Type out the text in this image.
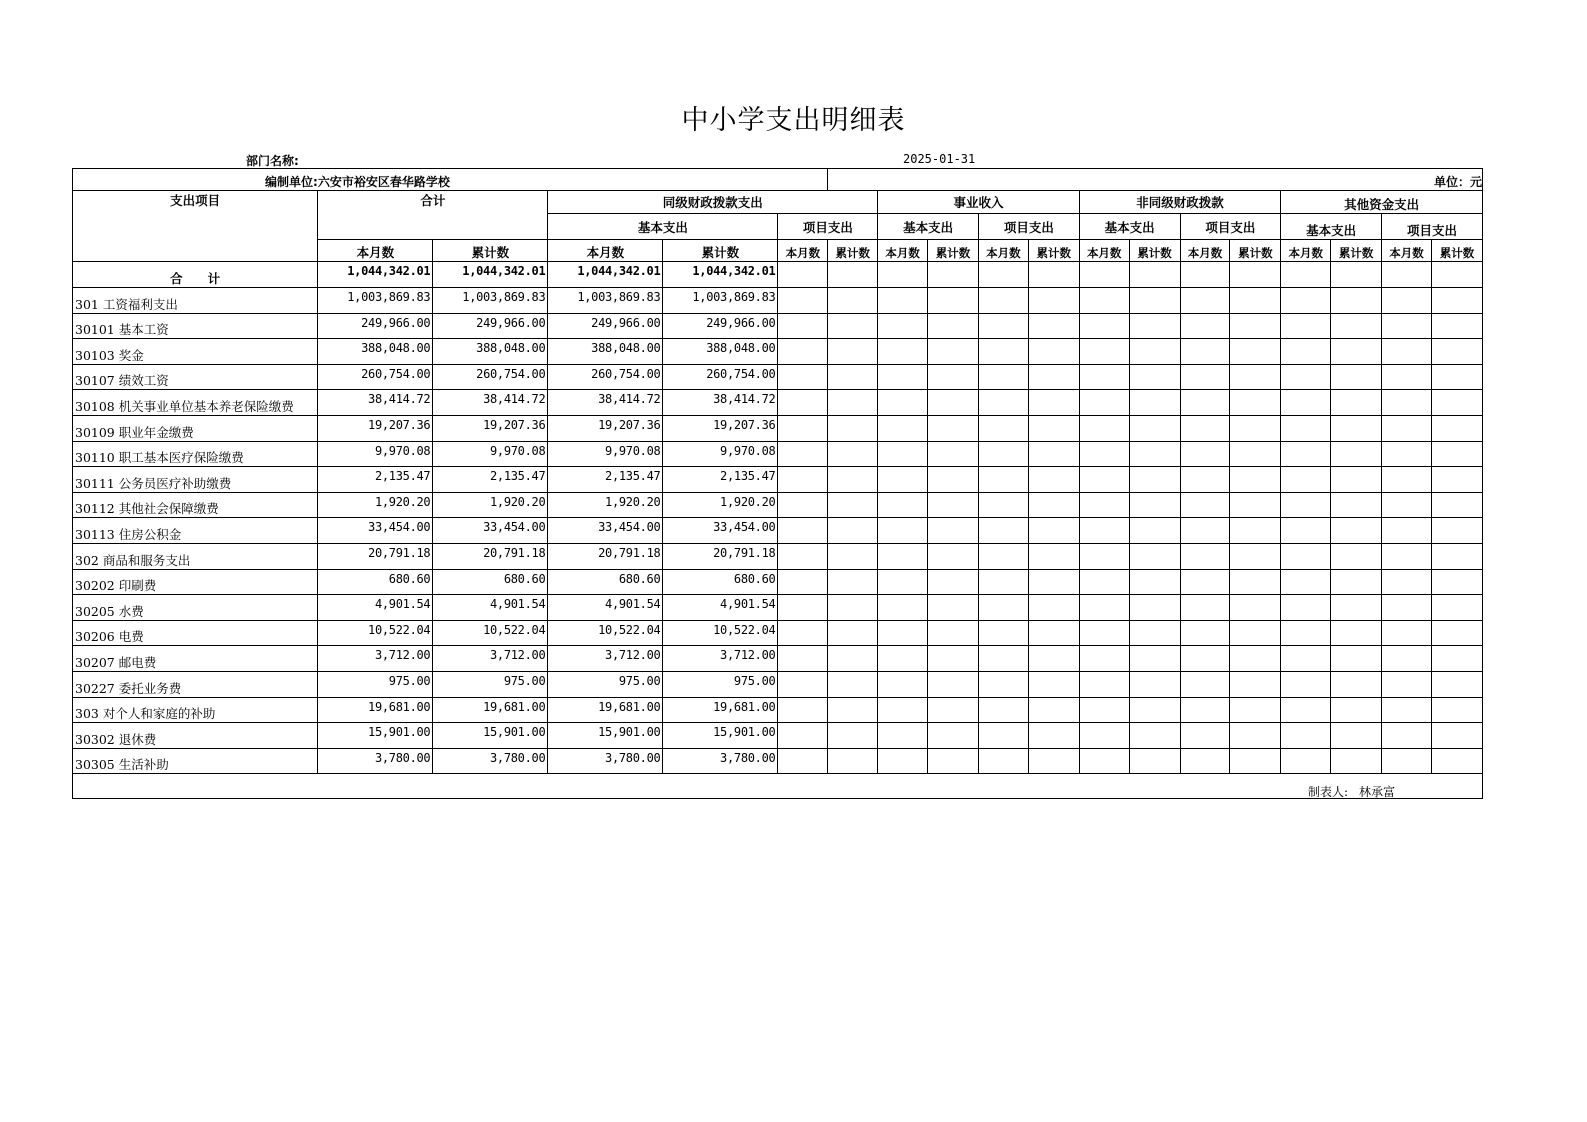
中小学支出明细表
部门名称:	2025-01-31
编制单位:	六安市裕安区春华路学校					单位：元												
支出项目	合计		同级财政拨款支出				事业收入				非同级财政拨款				其他资金支出			
			基本支出		项目支出		基本支出		项目支出		基本支出		项目支出		基本支出		项目支出	
	本月数	累计数	本月数	累计数	本月数	累计数	本月数	累计数	本月数	累计数	本月数	累计数	本月数	累计数	本月数	累计数	本月数	累计数
合　　计	1,044,342.01	1,044,342.01	1,044,342.01	1,044,342.01														
301 工资福利支出	1,003,869.83	1,003,869.83	1,003,869.83	1,003,869.83														
30101 基本工资	249,966.00	249,966.00	249,966.00	249,966.00														
30103 奖金	388,048.00	388,048.00	388,048.00	388,048.00														
30107 绩效工资	260,754.00	260,754.00	260,754.00	260,754.00														
30108 机关事业单位基本养老保险缴费	38,414.72	38,414.72	38,414.72	38,414.72														
30109 职业年金缴费	19,207.36	19,207.36	19,207.36	19,207.36														
30110 职工基本医疗保险缴费	9,970.08	9,970.08	9,970.08	9,970.08														
30111 公务员医疗补助缴费	2,135.47	2,135.47	2,135.47	2,135.47														
30112 其他社会保障缴费	1,920.20	1,920.20	1,920.20	1,920.20														
30113 住房公积金	33,454.00	33,454.00	33,454.00	33,454.00														
302 商品和服务支出	20,791.18	20,791.18	20,791.18	20,791.18														
30202 印刷费	680.60	680.60	680.60	680.60														
30205 水费	4,901.54	4,901.54	4,901.54	4,901.54														
30206 电费	10,522.04	10,522.04	10,522.04	10,522.04														
30207 邮电费	3,712.00	3,712.00	3,712.00	3,712.00														
30227 委托业务费	975.00	975.00	975.00	975.00														
303 对个人和家庭的补助	19,681.00	19,681.00	19,681.00	19,681.00														
30302 退休费	15,901.00	15,901.00	15,901.00	15,901.00														
30305 生活补助	3,780.00	3,780.00	3,780.00	3,780.00														

制表人: 林承富																		
